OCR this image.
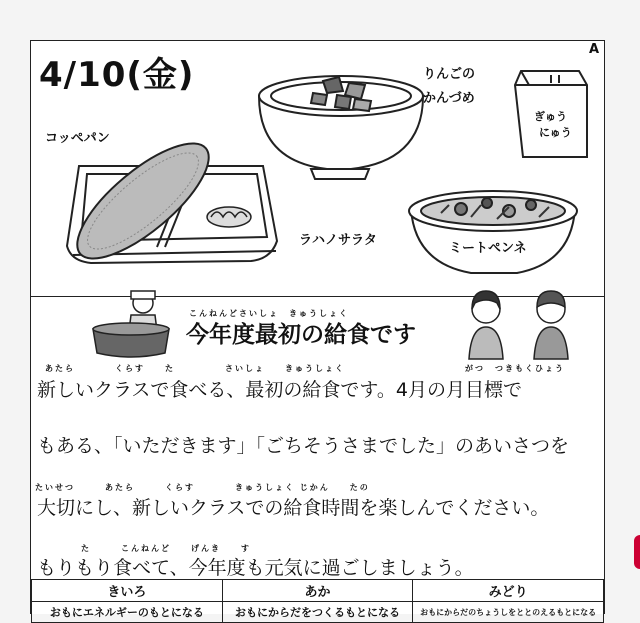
4/10(金)
A
コッペパン
りんごの
かんづめ
ぎゅう
にゅう
ラハノサラタ
ミートペンネ
こんねんどさいしょ　きゅうしょく
今年度最初の給食です
あたら　　　　くらす　　た　　　　　さいしょ　　きゅうしょく　　　　　　　　　　　　がつ　つきもくひょう
新しいクラスで食べる、最初の給食です。4月の月目標で
もある、「いただきます」「ごちそうさまでした」のあいさつを
たいせつ　　　あたら　　　くらす　　　　きゅうしょく じかん　　たの
大切にし、新しいクラスでの給食時間を楽しんでください。
　　　　た　　　こんねんど　　げんき　　す
もりもり食べて、今年度も元気に過ごしましょう。
きいろ	あか	みどり
おもにエネルギーのもとになる	おもにからだをつくるもとになる	おもにからだのちょうしをととのえるもとになる
